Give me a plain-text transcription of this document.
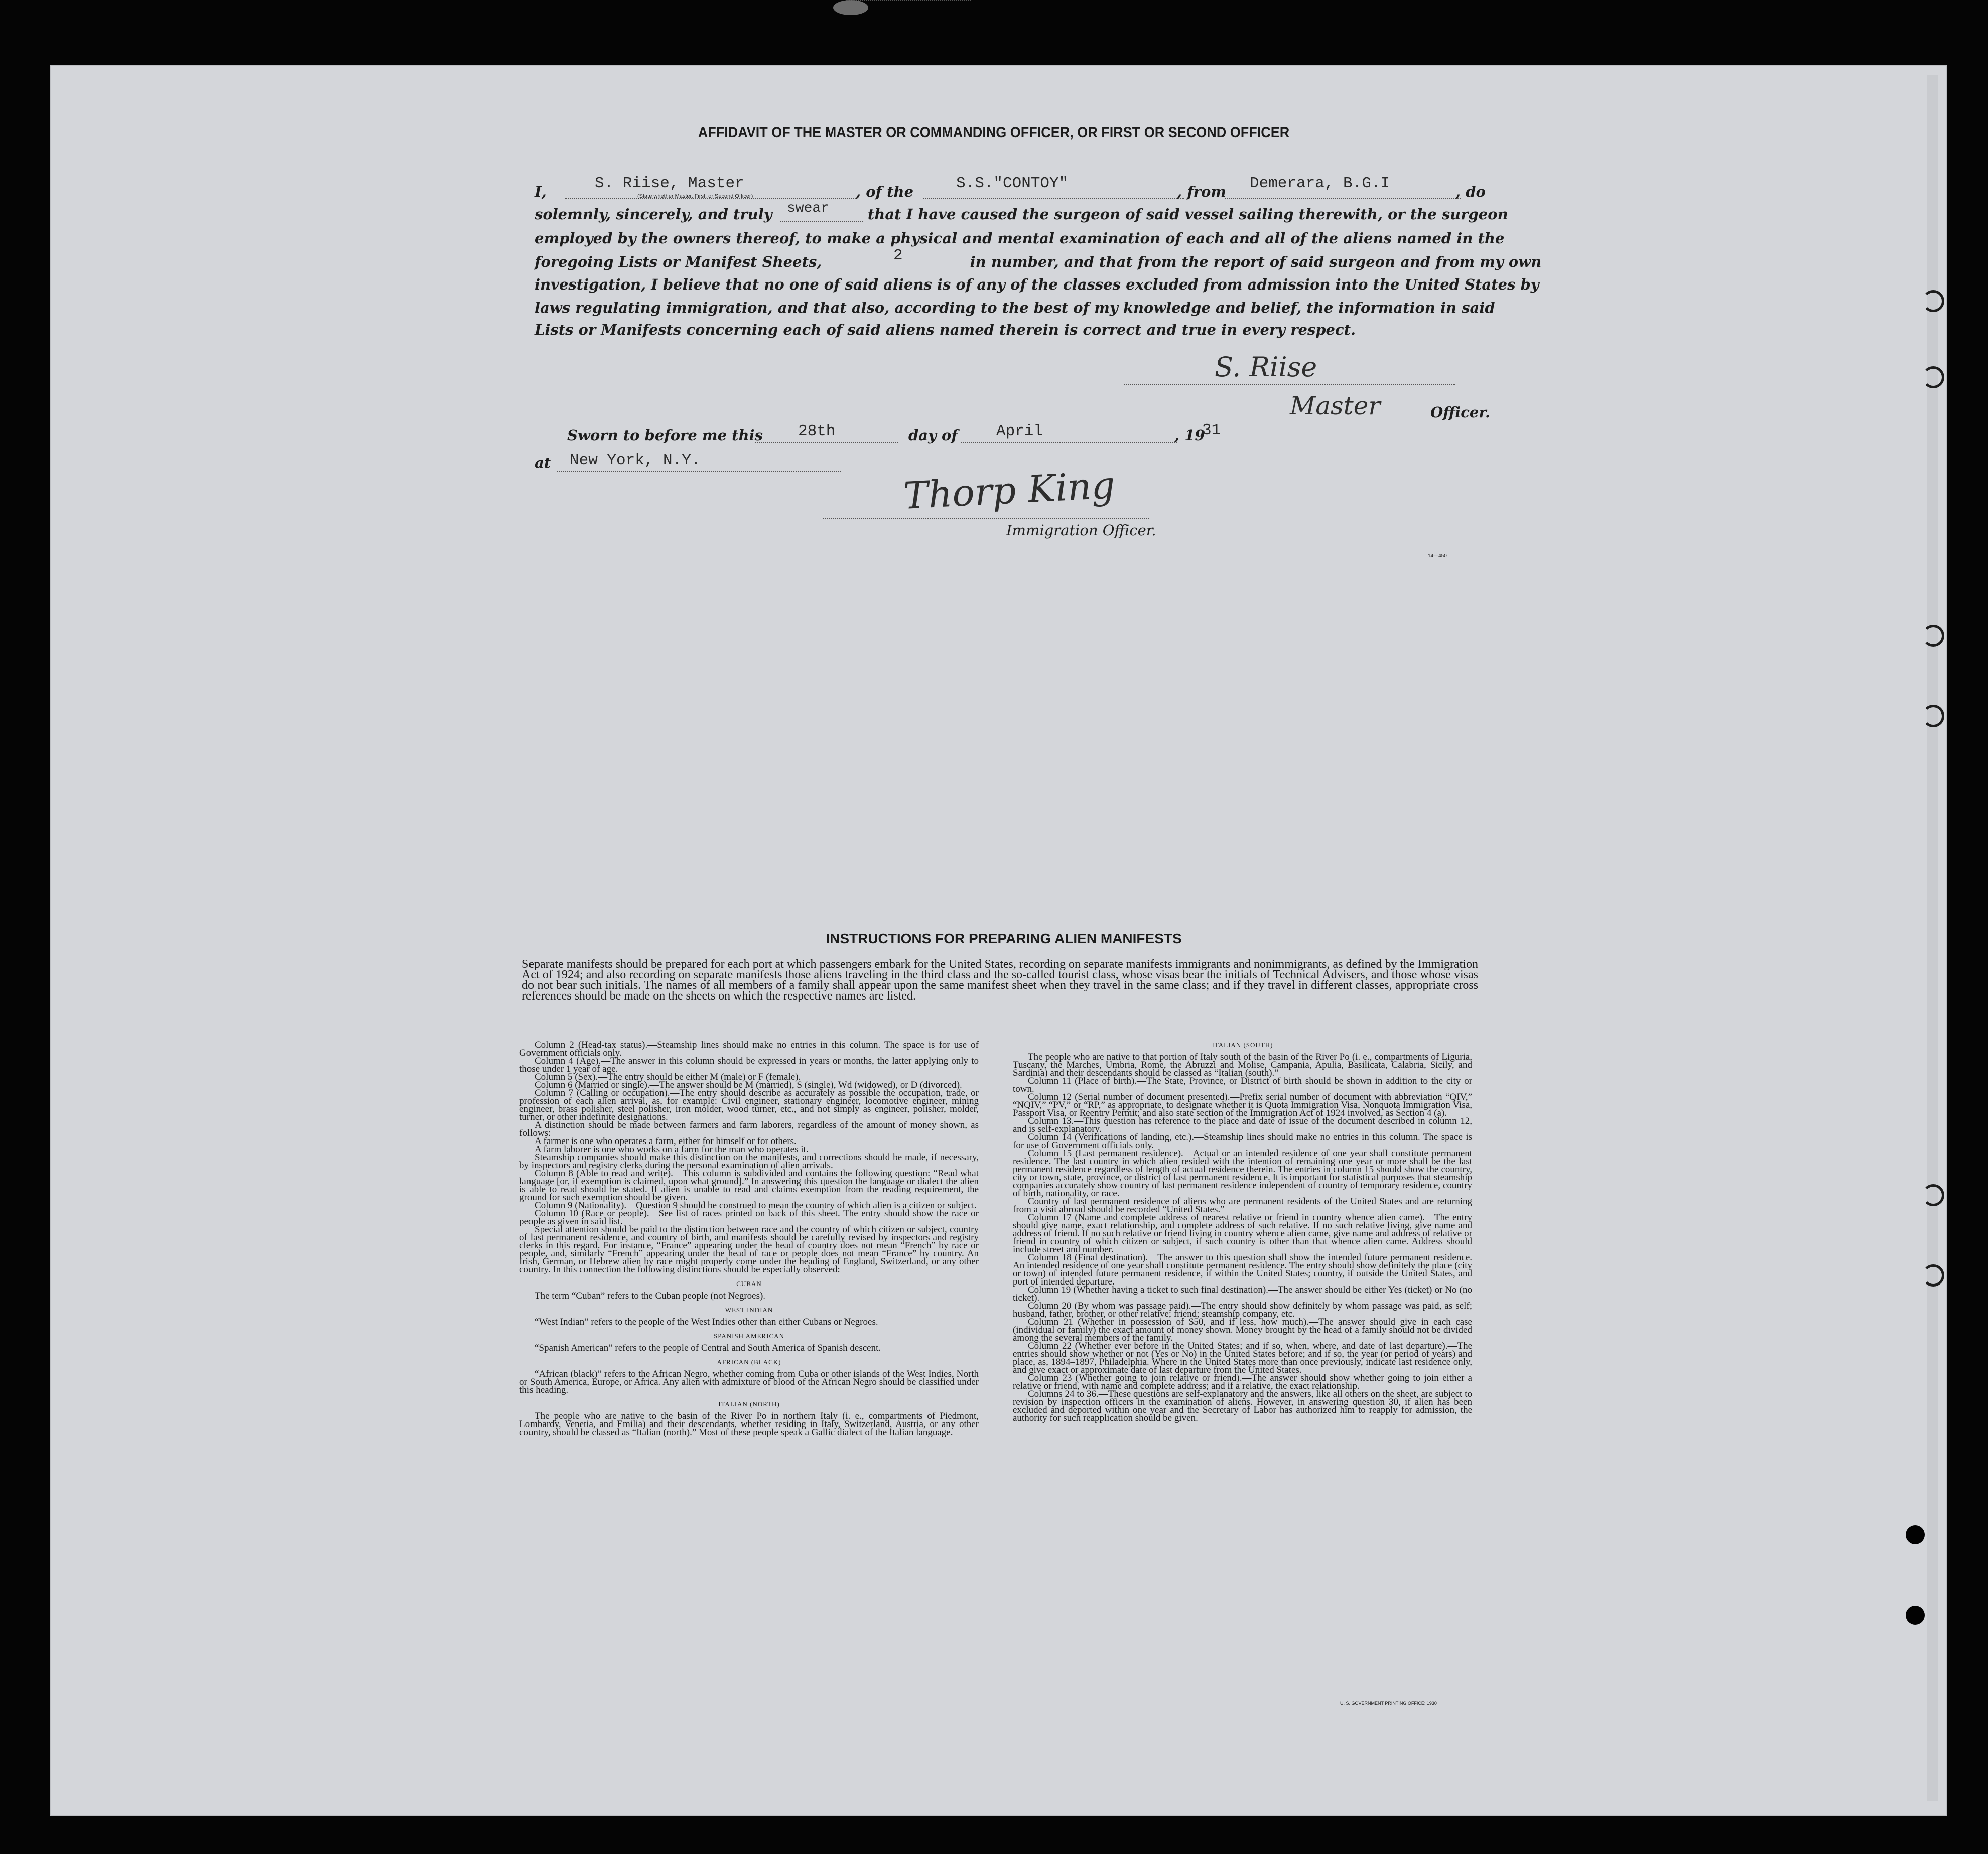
AFFIDAVIT OF THE MASTER OR COMMANDING OFFICER, OR FIRST OR SECOND OFFICER
I,	S. Riise, Master
(State whether Master, First, or Second Officer)	, of the	S.S."CONTOY"	, from Demerara, B.G.I	, do
solemnly, sincerely, and truly	that I have caused the surgeon of said vessel sailing therewith, or the surgeon
swear
employed by the owners thereof, to make a physical and mental examination of each and all of the aliens named in the
foregoing Lists or Manifest Sheets,	in number, and that from the report of said surgeon and from my own
2
investigation, I believe that no one of said aliens is of any of the classes excluded from admission into the United States by
laws regulating immigration, and that also, according to the best of my knowledge and belief, the information in said
Lists or Manifests concerning each of said aliens named therein is correct and true in every respect.
S. Riise
Master	Officer.
Sworn to before me this 28th	day of April	, 19
31
at New York, N.Y.
Thorp King
Immigration Officer.
14—450
INSTRUCTIONS FOR PREPARING ALIEN MANIFESTS
Separate manifests should be prepared for each port at which passengers embark for the United States, recording on separate manifests immigrants and nonimmigrants, as defined by the Immigration Act of 1924; and also recording on separate manifests those aliens traveling in the third class and the so-called tourist class, whose visas bear the initials of Technical Advisers, and those whose visas do not bear such initials. The names of all members of a family shall appear upon the same manifest sheet when they travel in the same class; and if they travel in different classes, appropriate cross references should be made on the sheets on which the respective names are listed.

Column 2 (Head-tax status).—Steamship lines should make no entries in this column. The space is for use of Government officials only.

Column 4 (Age).—The answer in this column should be expressed in years or months, the latter applying only to those under 1 year of age.

Column 5 (Sex).—The entry should be either M (male) or F (female).

Column 6 (Married or single).—The answer should be M (married), S (single), Wd (widowed), or D (divorced).

Column 7 (Calling or occupation).—The entry should describe as accurately as possible the occupation, trade, or profession of each alien arrival, as, for example: Civil engineer, stationary engineer, locomotive engineer, mining engineer, brass polisher, steel polisher, iron molder, wood turner, etc., and not simply as engineer, polisher, molder, turner, or other indefinite designations.

A distinction should be made between farmers and farm laborers, regardless of the amount of money shown, as follows:

A farmer is one who operates a farm, either for himself or for others.

A farm laborer is one who works on a farm for the man who operates it.

Steamship companies should make this distinction on the manifests, and corrections should be made, if necessary, by inspectors and registry clerks during the personal examination of alien arrivals.

Column 8 (Able to read and write).—This column is subdivided and contains the following question: “Read what language [or, if exemption is claimed, upon what ground].” In answering this question the language or dialect the alien is able to read should be stated. If alien is unable to read and claims exemption from the reading requirement, the ground for such exemption should be given.

Column 9 (Nationality).—Question 9 should be construed to mean the country of which alien is a citizen or subject.

Column 10 (Race or people).—See list of races printed on back of this sheet. The entry should show the race or people as given in said list.

Special attention should be paid to the distinction between race and the country of which citizen or subject, country of last permanent residence, and country of birth, and manifests should be carefully revised by inspectors and registry clerks in this regard. For instance, “France” appearing under the head of country does not mean “French” by race or people, and, similarly “French” appearing under the head of race or people does not mean “France” by country. An Irish, German, or Hebrew alien by race might properly come under the heading of England, Switzerland, or any other country. In this connection the following distinctions should be especially observed:

CUBAN

The term “Cuban” refers to the Cuban people (not Negroes).

WEST INDIAN

“West Indian” refers to the people of the West Indies other than either Cubans or Negroes.

SPANISH AMERICAN

“Spanish American” refers to the people of Central and South America of Spanish descent.

AFRICAN (BLACK)

“African (black)” refers to the African Negro, whether coming from Cuba or other islands of the West Indies, North or South America, Europe, or Africa. Any alien with admixture of blood of the African Negro should be classified under this heading.

ITALIAN (NORTH)

The people who are native to the basin of the River Po in northern Italy (i. e., compartments of Piedmont, Lombardy, Venetia, and Emilia) and their descendants, whether residing in Italy, Switzerland, Austria, or any other country, should be classed as “Italian (north).” Most of these people speak a Gallic dialect of the Italian language.

ITALIAN (SOUTH)

The people who are native to that portion of Italy south of the basin of the River Po (i. e., compartments of Liguria, Tuscany, the Marches, Umbria, Rome, the Abruzzi and Molise, Campania, Apulia, Basilicata, Calabria, Sicily, and Sardinia) and their descendants should be classed as “Italian (south).”

Column 11 (Place of birth).—The State, Province, or District of birth should be shown in addition to the city or town.

Column 12 (Serial number of document presented).—Prefix serial number of document with abbreviation “QIV,” “NQIV,” “PV,” or “RP,” as appropriate, to designate whether it is Quota Immigration Visa, Nonquota Immigration Visa, Passport Visa, or Reentry Permit; and also state section of the Immigration Act of 1924 involved, as Section 4 (a).

Column 13.—This question has reference to the place and date of issue of the document described in column 12, and is self-explanatory.

Column 14 (Verifications of landing, etc.).—Steamship lines should make no entries in this column. The space is for use of Government officials only.

Column 15 (Last permanent residence).—Actual or an intended residence of one year shall constitute permanent residence. The last country in which alien resided with the intention of remaining one year or more shall be the last permanent residence regardless of length of actual residence therein. The entries in column 15 should show the country, city or town, state, province, or district of last permanent residence. It is important for statistical purposes that steamship companies accurately show country of last permanent residence independent of country of temporary residence, country of birth, nationality, or race.

Country of last permanent residence of aliens who are permanent residents of the United States and are returning from a visit abroad should be recorded “United States.”

Column 17 (Name and complete address of nearest relative or friend in country whence alien came).—The entry should give name, exact relationship, and complete address of such relative. If no such relative living, give name and address of friend. If no such relative or friend living in country whence alien came, give name and address of relative or friend in country of which citizen or subject, if such country is other than that whence alien came. Address should include street and number.

Column 18 (Final destination).—The answer to this question shall show the intended future permanent residence. An intended residence of one year shall constitute permanent residence. The entry should show definitely the place (city or town) of intended future permanent residence, if within the United States; country, if outside the United States, and port of intended departure.

Column 19 (Whether having a ticket to such final destination).—The answer should be either Yes (ticket) or No (no ticket).

Column 20 (By whom was passage paid).—The entry should show definitely by whom passage was paid, as self; husband, father, brother, or other relative; friend; steamship company, etc.

Column 21 (Whether in possession of $50, and if less, how much).—The answer should give in each case (individual or family) the exact amount of money shown. Money brought by the head of a family should not be divided among the several members of the family.

Column 22 (Whether ever before in the United States; and if so, when, where, and date of last departure).—The entries should show whether or not (Yes or No) in the United States before; and if so, the year (or period of years) and place, as, 1894–1897, Philadelphia. Where in the United States more than once previously, indicate last residence only, and give exact or approximate date of last departure from the United States.

Column 23 (Whether going to join relative or friend).—The answer should show whether going to join either a relative or friend, with name and complete address; and if a relative, the exact relationship.

Columns 24 to 36.—These questions are self-explanatory and the answers, like all others on the sheet, are subject to revision by inspection officers in the examination of aliens. However, in answering question 30, if alien has been excluded and deported within one year and the Secretary of Labor has authorized him to reapply for admission, the authority for such reapplication should be given.

U. S. GOVERNMENT PRINTING OFFICE: 1930
